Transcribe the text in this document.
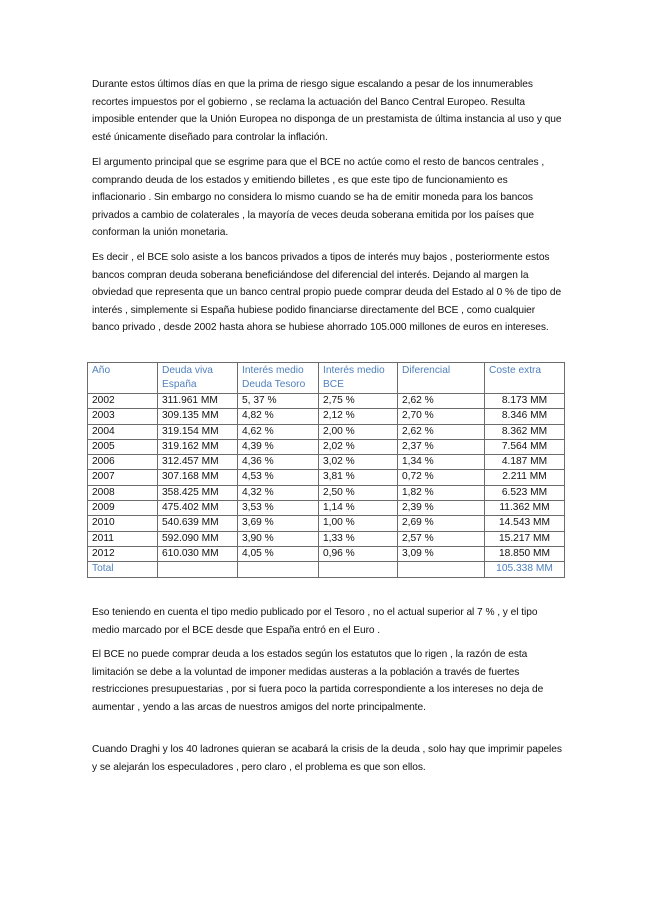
Durante estos últimos días en que la prima de riesgo sigue escalando a pesar de los innumerables recortes impuestos por el gobierno , se reclama la actuación del Banco Central Europeo. Resulta imposible entender que la Unión Europea no disponga de un prestamista de última instancia al uso y que esté únicamente diseñado para controlar la inflación.

El argumento principal que se esgrime para que el BCE no actúe como el resto de bancos centrales , comprando deuda de los estados y emitiendo billetes , es que este tipo de funcionamiento es inflacionario . Sin embargo no considera lo mismo cuando se ha de emitir moneda para los bancos privados a cambio de colaterales , la mayoría de veces deuda soberana emitida por los países que conforman la unión monetaria.

Es decir , el BCE solo asiste a los bancos privados a tipos de interés muy bajos , posteriormente estos bancos compran deuda soberana beneficiándose del diferencial del interés. Dejando al margen la obviedad que representa que un banco central propio puede comprar deuda del Estado al 0 % de tipo de interés , simplemente si España hubiese podido financiarse directamente del BCE , como cualquier banco privado , desde 2002 hasta ahora se hubiese ahorrado 105.000 millones de euros en intereses.

Año	Deuda viva España	Interés medio Deuda Tesoro	Interés medio BCE	Diferencial	Coste extra
2002	311.961 MM	5, 37 %	2,75 %	2,62 %	8.173 MM
2003	309.135 MM	4,82 %	2,12 %	2,70 %	8.346 MM
2004	319.154 MM	4,62 %	2,00 %	2,62 %	8.362 MM
2005	319.162 MM	4,39 %	2,02 %	2,37 %	7.564 MM
2006	312.457 MM	4,36 %	3,02 %	1,34 %	4.187 MM
2007	307.168 MM	4,53 %	3,81 %	0,72 %	2.211 MM
2008	358.425 MM	4,32 %	2,50 %	1,82 %	6.523 MM
2009	475.402 MM	3,53 %	1,14 %	2,39 %	11.362 MM
2010	540.639 MM	3,69 %	1,00 %	2,69 %	14.543 MM
2011	592.090 MM	3,90 %	1,33 %	2,57 %	15.217 MM
2012	610.030 MM	4,05 %	0,96 %	3,09 %	18.850 MM
Total					105.338 MM

Eso teniendo en cuenta el tipo medio publicado por el Tesoro , no el actual superior al 7 % , y el tipo medio marcado por el BCE desde que España entró en el Euro .

El BCE no puede comprar deuda a los estados según los estatutos que lo rigen , la razón de esta limitación se debe a la voluntad de imponer medidas austeras a la población a través de fuertes restricciones presupuestarias , por si fuera poco la partida correspondiente a los intereses no deja de aumentar , yendo a las arcas de nuestros amigos del norte principalmente.

Cuando Draghi y los 40 ladrones quieran se acabará la crisis de la deuda , solo hay que imprimir papeles y se alejarán los especuladores , pero claro , el problema es que son ellos.
